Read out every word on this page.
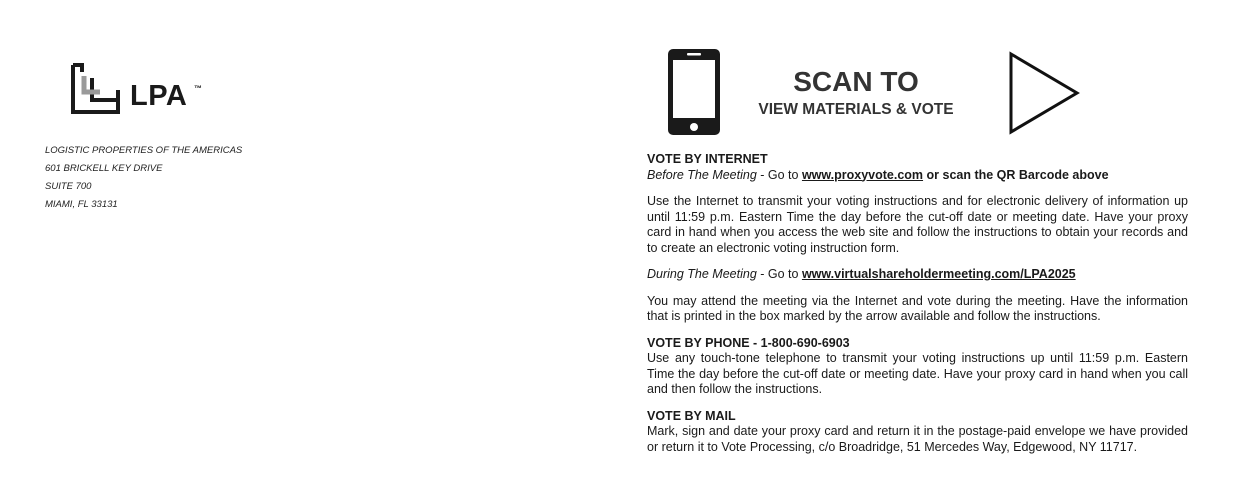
LPA ™
LOGISTIC PROPERTIES OF THE AMERICAS
601 BRICKELL KEY DRIVE
SUITE 700
MIAMI, FL 33131
SCAN TO
VIEW MATERIALS & VOTE
VOTE BY INTERNET

Before The Meeting - Go to www.proxyvote.com or scan the QR Barcode above

Use the Internet to transmit your voting instructions and for electronic delivery of information up until 11:59 p.m. Eastern Time the day before the cut-off date or meeting date. Have your proxy card in hand when you access the web site and follow the instructions to obtain your records and to create an electronic voting instruction form.

During The Meeting - Go to www.virtualshareholdermeeting.com/LPA2025

You may attend the meeting via the Internet and vote during the meeting. Have the information that is printed in the box marked by the arrow available and follow the instructions.

VOTE BY PHONE - 1-800-690-6903

Use any touch-tone telephone to transmit your voting instructions up until 11:59 p.m. Eastern Time the day before the cut-off date or meeting date. Have your proxy card in hand when you call and then follow the instructions.

VOTE BY MAIL

Mark, sign and date your proxy card and return it in the postage-paid envelope we have provided or return it to Vote Processing, c/o Broadridge, 51 Mercedes Way, Edgewood, NY 11717.
